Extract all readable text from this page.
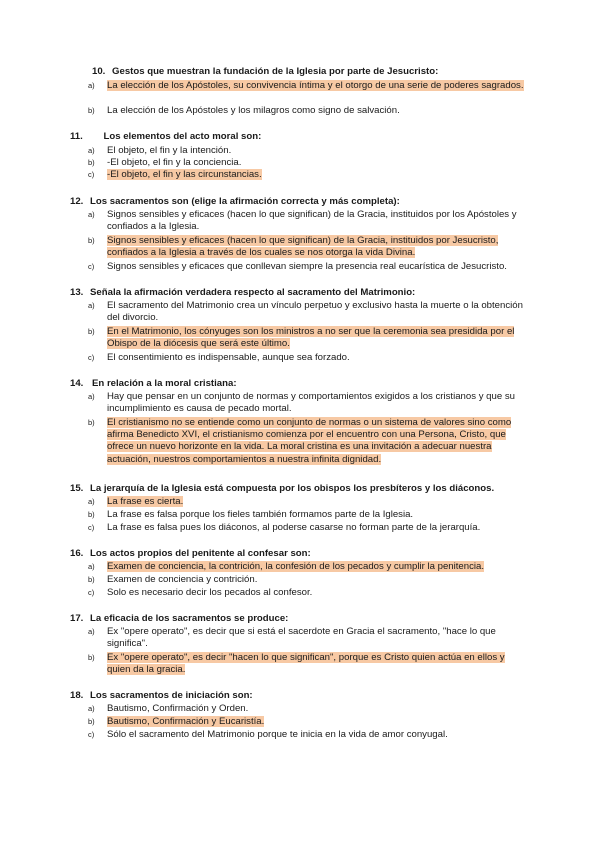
10. Gestos que muestran la fundación de la Iglesia por parte de Jesucristo:
a)	La elección de los Apóstoles, su convivencia íntima y el otorgo de una serie de poderes sagrados.
b)	La elección de los Apóstoles y los milagros como signo de salvación.
11. Los elementos del acto moral son:
a)	El objeto, el fin y la intención.
b)	-El objeto, el fin y la conciencia.
c)	-El objeto, el fin y las circunstancias.
12. Los sacramentos son (elige la afirmación correcta y más completa):
a)	Signos sensibles y eficaces (hacen lo que significan) de la Gracia, instituidos por los Apóstoles y confiados a la Iglesia.
b)	Signos sensibles y eficaces (hacen lo que significan) de la Gracia, instituidos por Jesucristo, confiados a la Iglesia a través de los cuales se nos otorga la vida Divina.
c)	Signos sensibles y eficaces que conllevan siempre la presencia real eucarística de Jesucristo.
13. Señala la afirmación verdadera respecto al sacramento del Matrimonio:
a)	El sacramento del Matrimonio crea un vínculo perpetuo y exclusivo hasta la muerte o la obtención del divorcio.
b)	En el Matrimonio, los cónyuges son los ministros a no ser que la ceremonia sea presidida por el Obispo de la diócesis que será este último.
c)	El consentimiento es indispensable, aunque sea forzado.
14. En relación a la moral cristiana:
a)	Hay que pensar en un conjunto de normas y comportamientos exigidos a los cristianos y que su incumplimiento es causa de pecado mortal.
b)	El cristianismo no se entiende como un conjunto de normas o un sistema de valores sino como afirma Benedicto XVI, el cristianismo comienza por el encuentro con una Persona, Cristo, que ofrece un nuevo horizonte en la vida. La moral cristina es una invitación a adecuar nuestra actuación, nuestros comportamientos a nuestra infinita dignidad.
15. La jerarquía de la Iglesia está compuesta por los obispos los presbíteros y los diáconos.
a)	La frase es cierta.
b)	La frase es falsa porque los fieles también formamos parte de la Iglesia.
c)	La frase es falsa pues los diáconos, al poderse casarse no forman parte de la jerarquía.
16. Los actos propios del penitente al confesar son:
a)	Examen de conciencia, la contrición, la confesión de los pecados y cumplir la penitencia.
b)	Examen de conciencia y contrición.
c)	Solo es necesario decir los pecados al confesor.
17. La eficacia de los sacramentos se produce:
a)	Ex "opere operato", es decir que si está el sacerdote en Gracia el sacramento, "hace lo que significa".
b)	Ex "opere operato", es decir "hacen lo que significan", porque es Cristo quien actúa en ellos y quien da la gracia.
18. Los sacramentos de iniciación son:
a)	Bautismo, Confirmación y Orden.
b)	Bautismo, Confirmación y Eucaristía.
c)	Sólo el sacramento del Matrimonio porque te inicia en la vida de amor conyugal.
